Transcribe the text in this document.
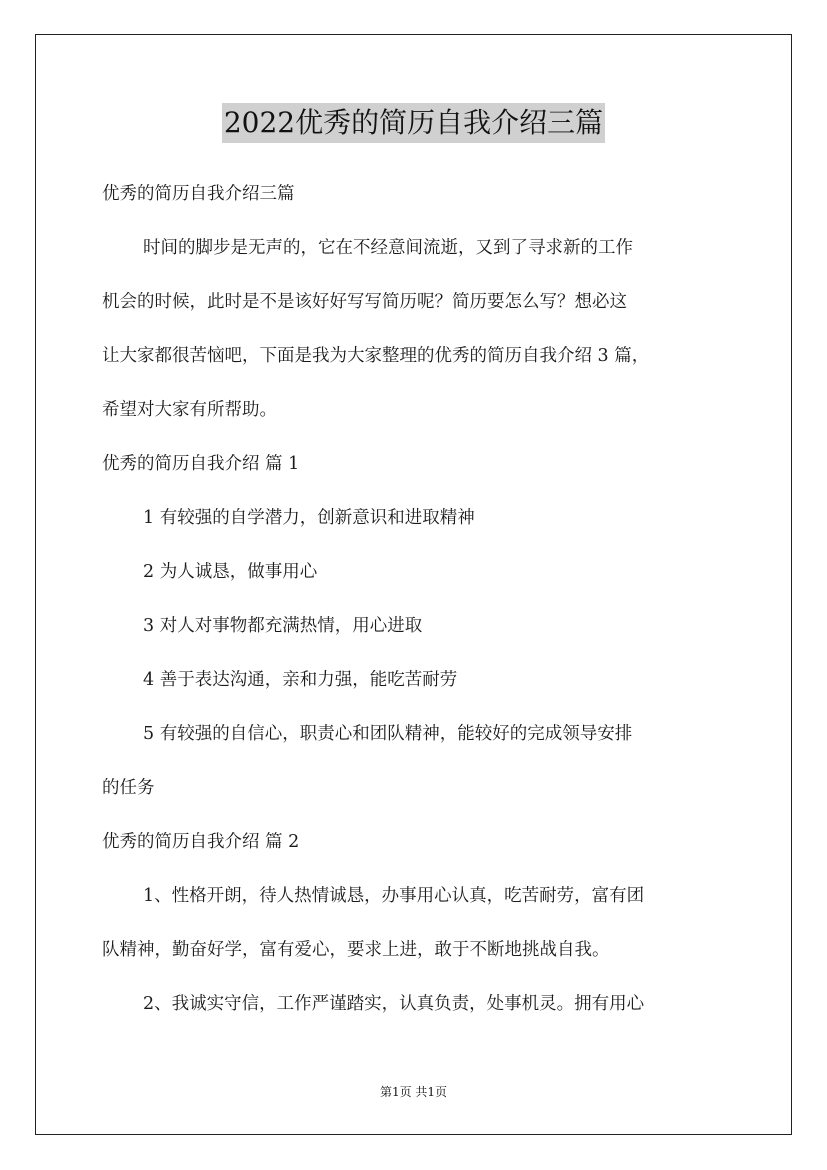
2022优秀的简历自我介绍三篇
优秀的简历自我介绍三篇
时间的脚步是无声的，它在不经意间流逝，又到了寻求新的工作
机会的时候，此时是不是该好好写写简历呢？简历要怎么写？想必这
让大家都很苦恼吧，下面是我为大家整理的优秀的简历自我介绍 3 篇，
希望对大家有所帮助。
优秀的简历自我介绍 篇 1
1 有较强的自学潜力，创新意识和进取精神
2 为人诚恳，做事用心
3 对人对事物都充满热情，用心进取
4 善于表达沟通，亲和力强，能吃苦耐劳
5 有较强的自信心，职责心和团队精神，能较好的完成领导安排
的任务
优秀的简历自我介绍 篇 2
1、性格开朗，待人热情诚恳，办事用心认真，吃苦耐劳，富有团
队精神，勤奋好学，富有爱心，要求上进，敢于不断地挑战自我。
2、我诚实守信，工作严谨踏实，认真负责，处事机灵。拥有用心
第1页 共1页
